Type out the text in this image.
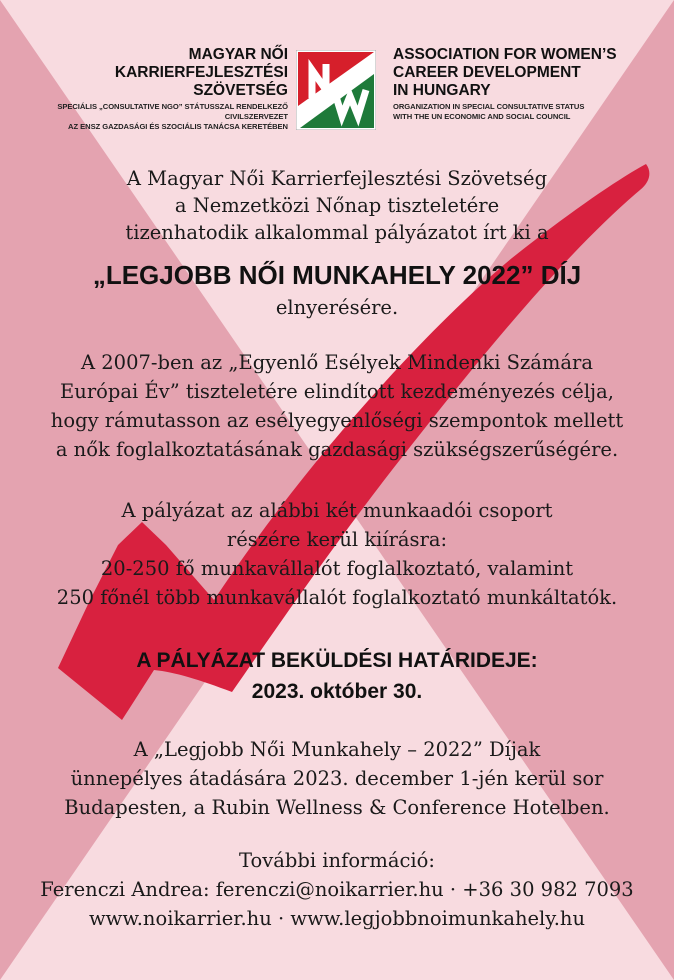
MAGYAR NŐI
KARRIERFEJLESZTÉSI
SZÖVETSÉG
SPECIÁLIS „CONSULTATIVE NGO” STÁTUSSZAL RENDELKEZŐ CIVILSZERVEZET
AZ ENSZ GAZDASÁGI ÉS SZOCIÁLIS TANÁCSA KERETÉBEN
ASSOCIATION FOR WOMEN’S
CAREER DEVELOPMENT
IN HUNGARY
ORGANIZATION IN SPECIAL CONSULTATIVE STATUS
WITH THE UN ECONOMIC AND SOCIAL COUNCIL
A Magyar Női Karrierfejlesztési Szövetség
a Nemzetközi Nőnap tiszteletére
tizenhatodik alkalommal pályázatot írt ki a
„LEGJOBB NŐI MUNKAHELY 2022” DÍJ
elnyerésére.
A 2007-ben az „Egyenlő Esélyek Mindenki Számára
Európai Év” tiszteletére elindított kezdeményezés célja,
hogy rámutasson az esélyegyenlőségi szempontok mellett
a nők foglalkoztatásának gazdasági szükségszerűségére.
A pályázat az alábbi két munkaadói csoport
részére kerül kiírásra:
20-250 fő munkavállalót foglalkoztató, valamint
250 főnél több munkavállalót foglalkoztató munkáltatók.
A PÁLYÁZAT BEKÜLDÉSI HATÁRIDEJE:
2023. október 30.
A „Legjobb Női Munkahely – 2022” Díjak
ünnepélyes átadására 2023. december 1-jén kerül sor
Budapesten, a Rubin Wellness & Conference Hotelben.
További információ:
Ferenczi Andrea: ferenczi@noikarrier.hu · +36 30 982 7093
www.noikarrier.hu · www.legjobbnoimunkahely.hu
